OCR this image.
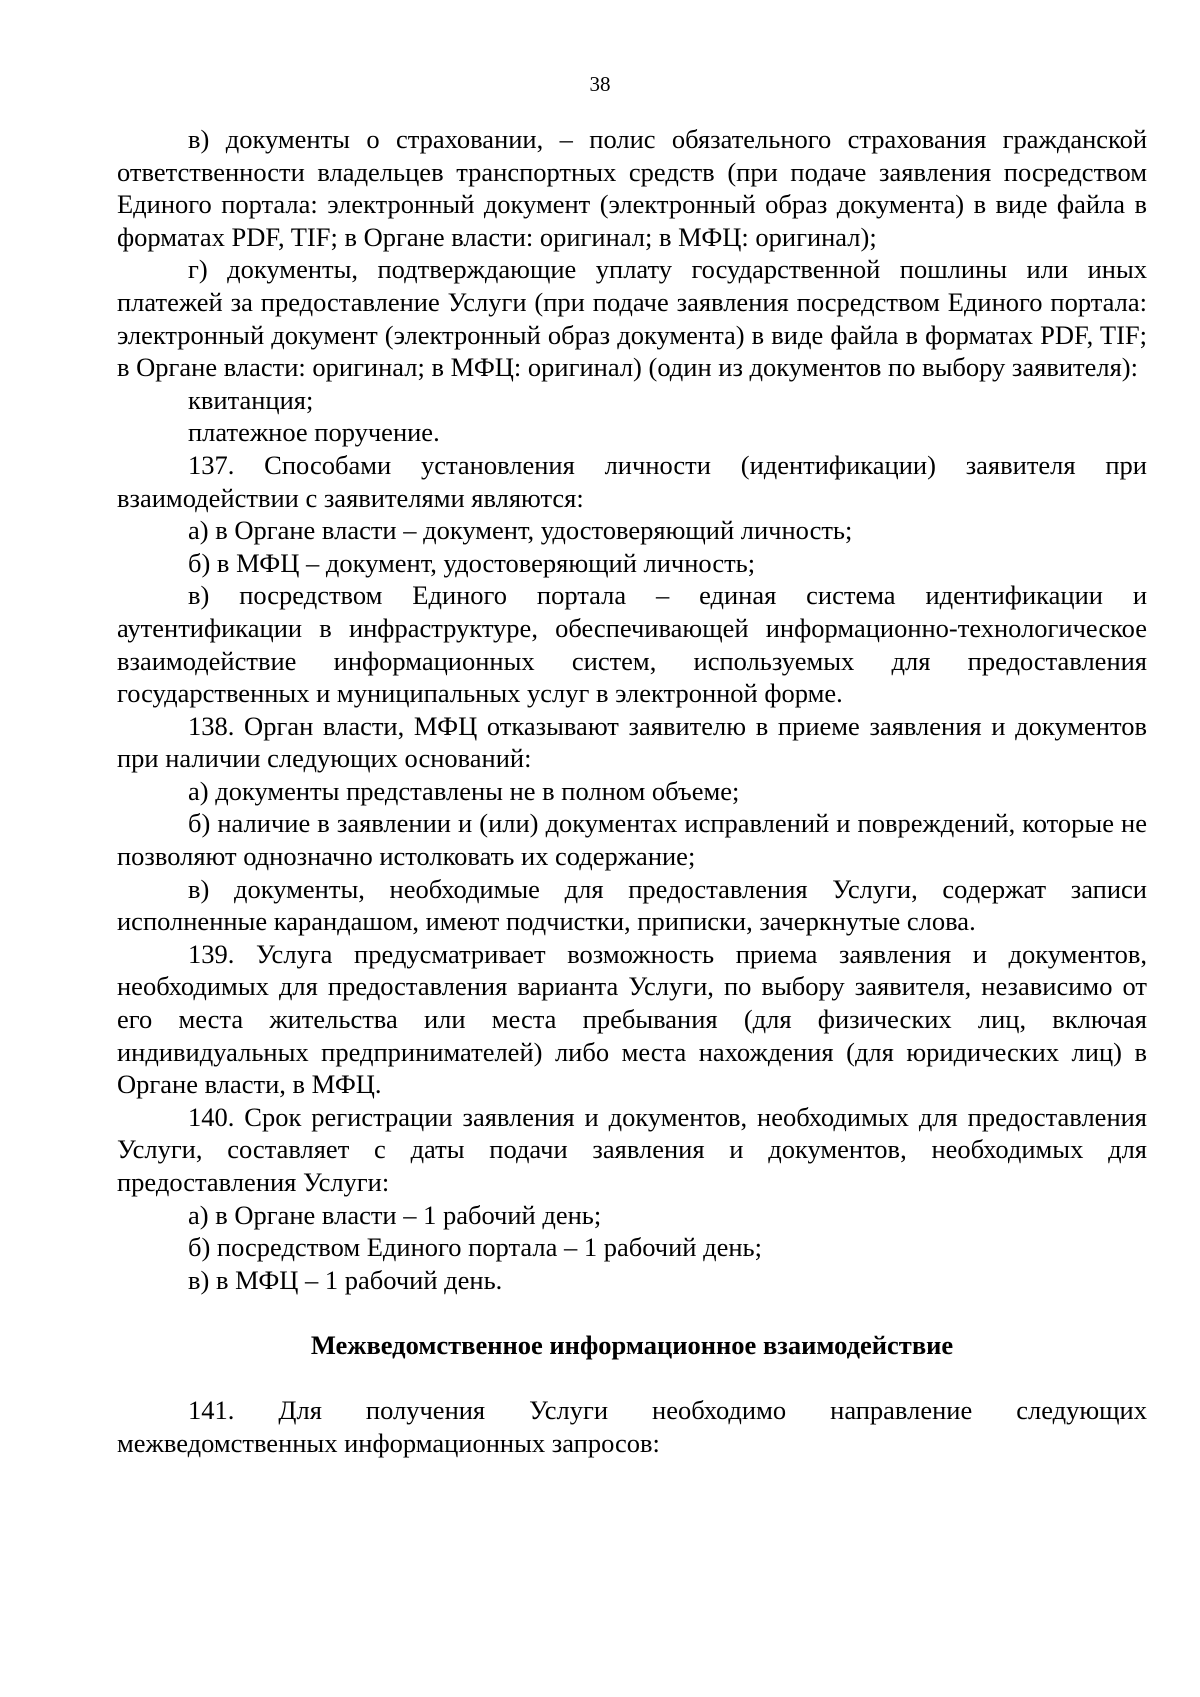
38

в) документы о страховании, – полис обязательного страхования гражданской ответственности владельцев транспортных средств (при подаче заявления посредством Единого портала: электронный документ (электронный образ документа) в виде файла в форматах PDF, TIF; в Органе власти: оригинал; в МФЦ: оригинал);

г) документы, подтверждающие уплату государственной пошлины или иных платежей за предоставление Услуги (при подаче заявления посредством Единого портала: электронный документ (электронный образ документа) в виде файла в форматах PDF, TIF; в Органе власти: оригинал; в МФЦ: оригинал) (один из документов по выбору заявителя):

квитанция;

платежное поручение.

137. Способами установления личности (идентификации) заявителя при взаимодействии с заявителями являются:

а) в Органе власти – документ, удостоверяющий личность;

б) в МФЦ – документ, удостоверяющий личность;

в) посредством Единого портала – единая система идентификации и аутентификации в инфраструктуре, обеспечивающей информационно-технологическое взаимодействие информационных систем, используемых для предоставления государственных и муниципальных услуг в электронной форме.

138. Орган власти, МФЦ отказывают заявителю в приеме заявления и документов при наличии следующих оснований:

а) документы представлены не в полном объеме;

б) наличие в заявлении и (или) документах исправлений и повреждений, которые не позволяют однозначно истолковать их содержание;

в) документы, необходимые для предоставления Услуги, содержат записи исполненные карандашом, имеют подчистки, приписки, зачеркнутые слова.

139. Услуга предусматривает возможность приема заявления и документов, необходимых для предоставления варианта Услуги, по выбору заявителя, независимо от его места жительства или места пребывания (для физических лиц, включая индивидуальных предпринимателей) либо места нахождения (для юридических лиц) в Органе власти, в МФЦ.

140. Срок регистрации заявления и документов, необходимых для предоставления Услуги, составляет с даты подачи заявления и документов, необходимых для предоставления Услуги:

а) в Органе власти – 1 рабочий день;

б) посредством Единого портала – 1 рабочий день;

в) в МФЦ – 1 рабочий день.

Межведомственное информационное взаимодействие

141. Для получения Услуги необходимо направление следующих межведомственных информационных запросов:
